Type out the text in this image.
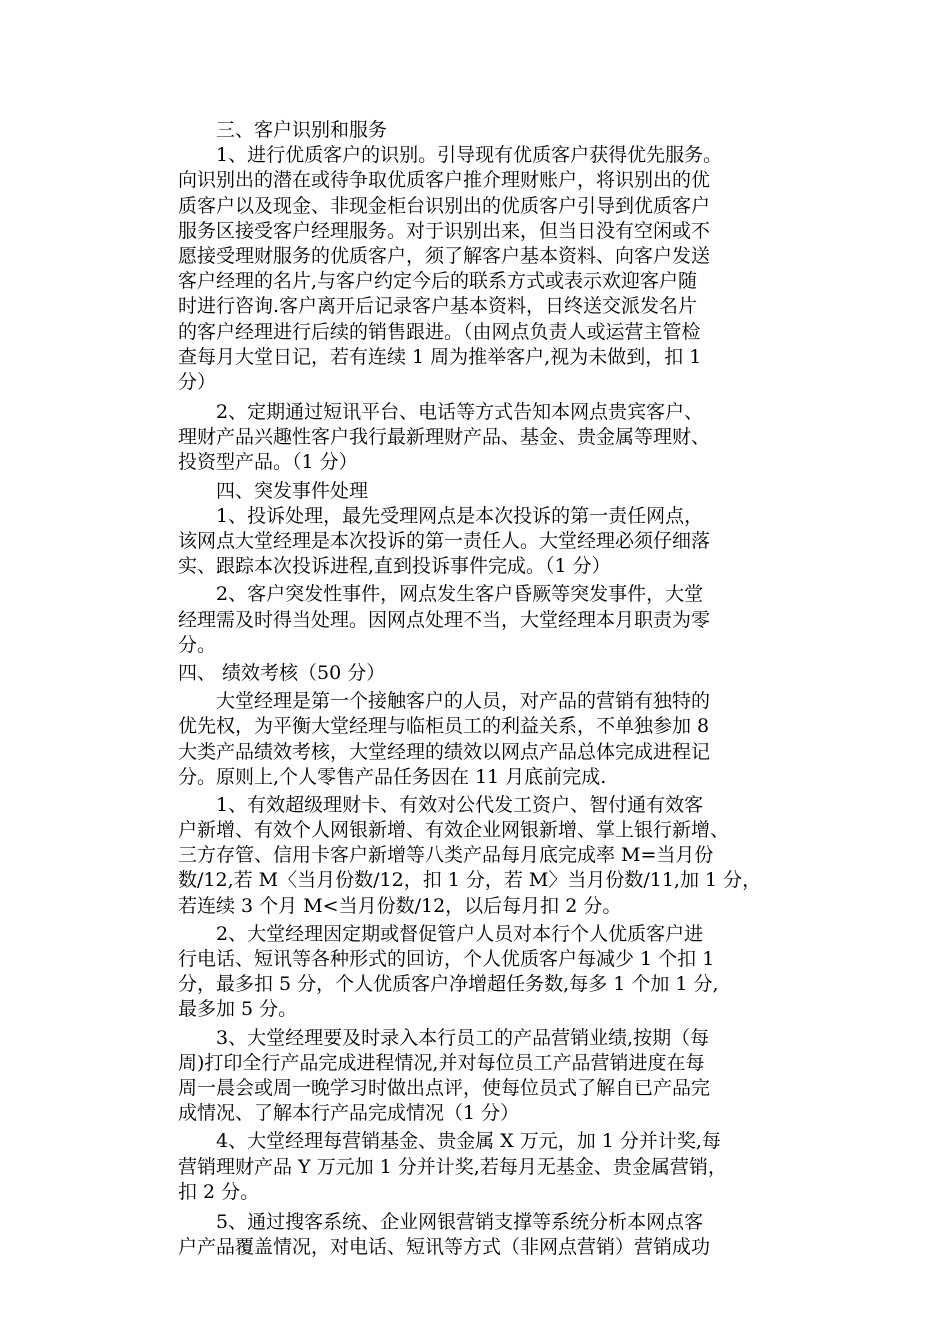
三、客户识别和服务
1、进行优质客户的识别。引导现有优质客户获得优先服务。
向识别出的潜在或待争取优质客户推介理财账户，将识别出的优
质客户以及现金、非现金柜台识别出的优质客户引导到优质客户
服务区接受客户经理服务。对于识别出来，但当日没有空闲或不
愿接受理财服务的优质客户，须了解客户基本资料、向客户发送
客户经理的名片,与客户约定今后的联系方式或表示欢迎客户随
时进行咨询.客户离开后记录客户基本资料，日终送交派发名片
的客户经理进行后续的销售跟进。（由网点负责人或运营主管检
查每月大堂日记，若有连续 1 周为推举客户,视为未做到，扣 1
分）
2、定期通过短讯平台、电话等方式告知本网点贵宾客户、
理财产品兴趣性客户我行最新理财产品、基金、贵金属等理财、
投资型产品。（1 分）
四、突发事件处理
1、投诉处理，最先受理网点是本次投诉的第一责任网点，
该网点大堂经理是本次投诉的第一责任人。大堂经理必须仔细落
实、跟踪本次投诉进程,直到投诉事件完成。（1 分）
2、客户突发性事件，网点发生客户昏厥等突发事件，大堂
经理需及时得当处理。因网点处理不当，大堂经理本月职责为零
分。
四、 绩效考核（50 分）
大堂经理是第一个接触客户的人员，对产品的营销有独特的
优先权，为平衡大堂经理与临柜员工的利益关系，不单独参加 8
大类产品绩效考核，大堂经理的绩效以网点产品总体完成进程记
分。原则上,个人零售产品任务因在 11 月底前完成.
1、有效超级理财卡、有效对公代发工资户、智付通有效客
户新增、有效个人网银新增、有效企业网银新增、掌上银行新增、
三方存管、信用卡客户新增等八类产品每月底完成率 M=当月份
数/12,若 M〈当月份数/12，扣 1 分，若 M〉当月份数/11,加 1 分，
若连续 3 个月 M<当月份数/12，以后每月扣 2 分。
2、大堂经理因定期或督促管户人员对本行个人优质客户进
行电话、短讯等各种形式的回访，个人优质客户每减少 1 个扣 1
分，最多扣 5 分，个人优质客户净增超任务数,每多 1 个加 1 分,
最多加 5 分。
3、大堂经理要及时录入本行员工的产品营销业绩,按期（每
周)打印全行产品完成进程情况,并对每位员工产品营销进度在每
周一晨会或周一晚学习时做出点评，使每位员式了解自已产品完
成情况、了解本行产品完成情况（1 分）
4、大堂经理每营销基金、贵金属 X 万元，加 1 分并计奖,每
营销理财产品 Y 万元加 1 分并计奖,若每月无基金、贵金属营销，
扣 2 分。
5、通过搜客系统、企业网银营销支撑等系统分析本网点客
户产品覆盖情况，对电话、短讯等方式（非网点营销）营销成功
